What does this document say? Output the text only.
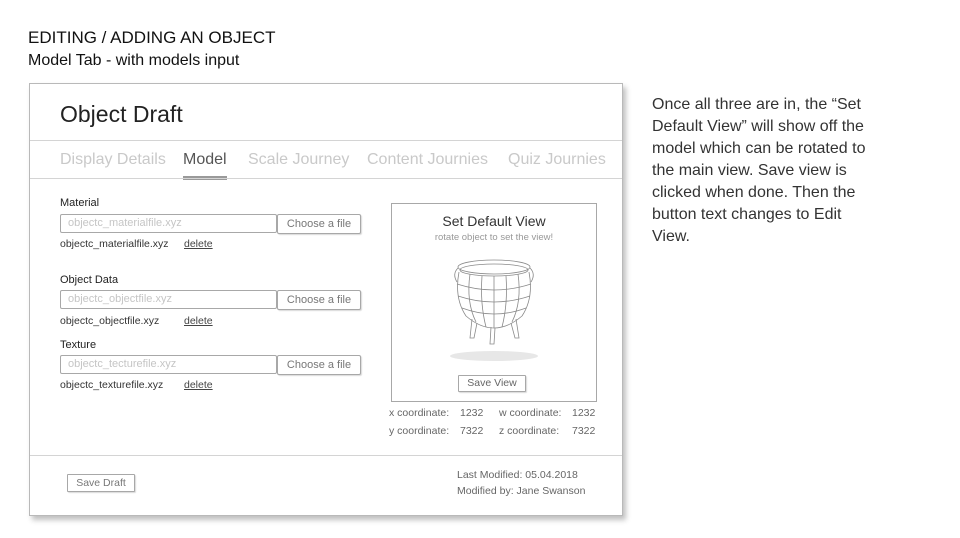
EDITING / ADDING AN OBJECT
Model Tab - with models input
Object Draft
Display Details Model Scale Journey Content Journies Quiz Journies
Material
objectc_materialfile.xyz	Choose a file
objectc_materialfile.xyz delete
Object Data
objectc_objectfile.xyz	Choose a file
objectc_objectfile.xyz delete
Texture
objectc_tecturefile.xyz	Choose a file
objectc_texturefile.xyz delete
Set Default View
rotate object to set the view!
Save View
x coordinate: 1232 w coordinate: 1232
y coordinate: 7322 z coordinate: 7322
Save Draft
Last Modified: 05.04.2018
Modified by: Jane Swanson
Once all three are in, the “Set Default View” will show off the model which can be rotated to the main view. Save view is clicked when done. Then the button text changes to Edit View.
